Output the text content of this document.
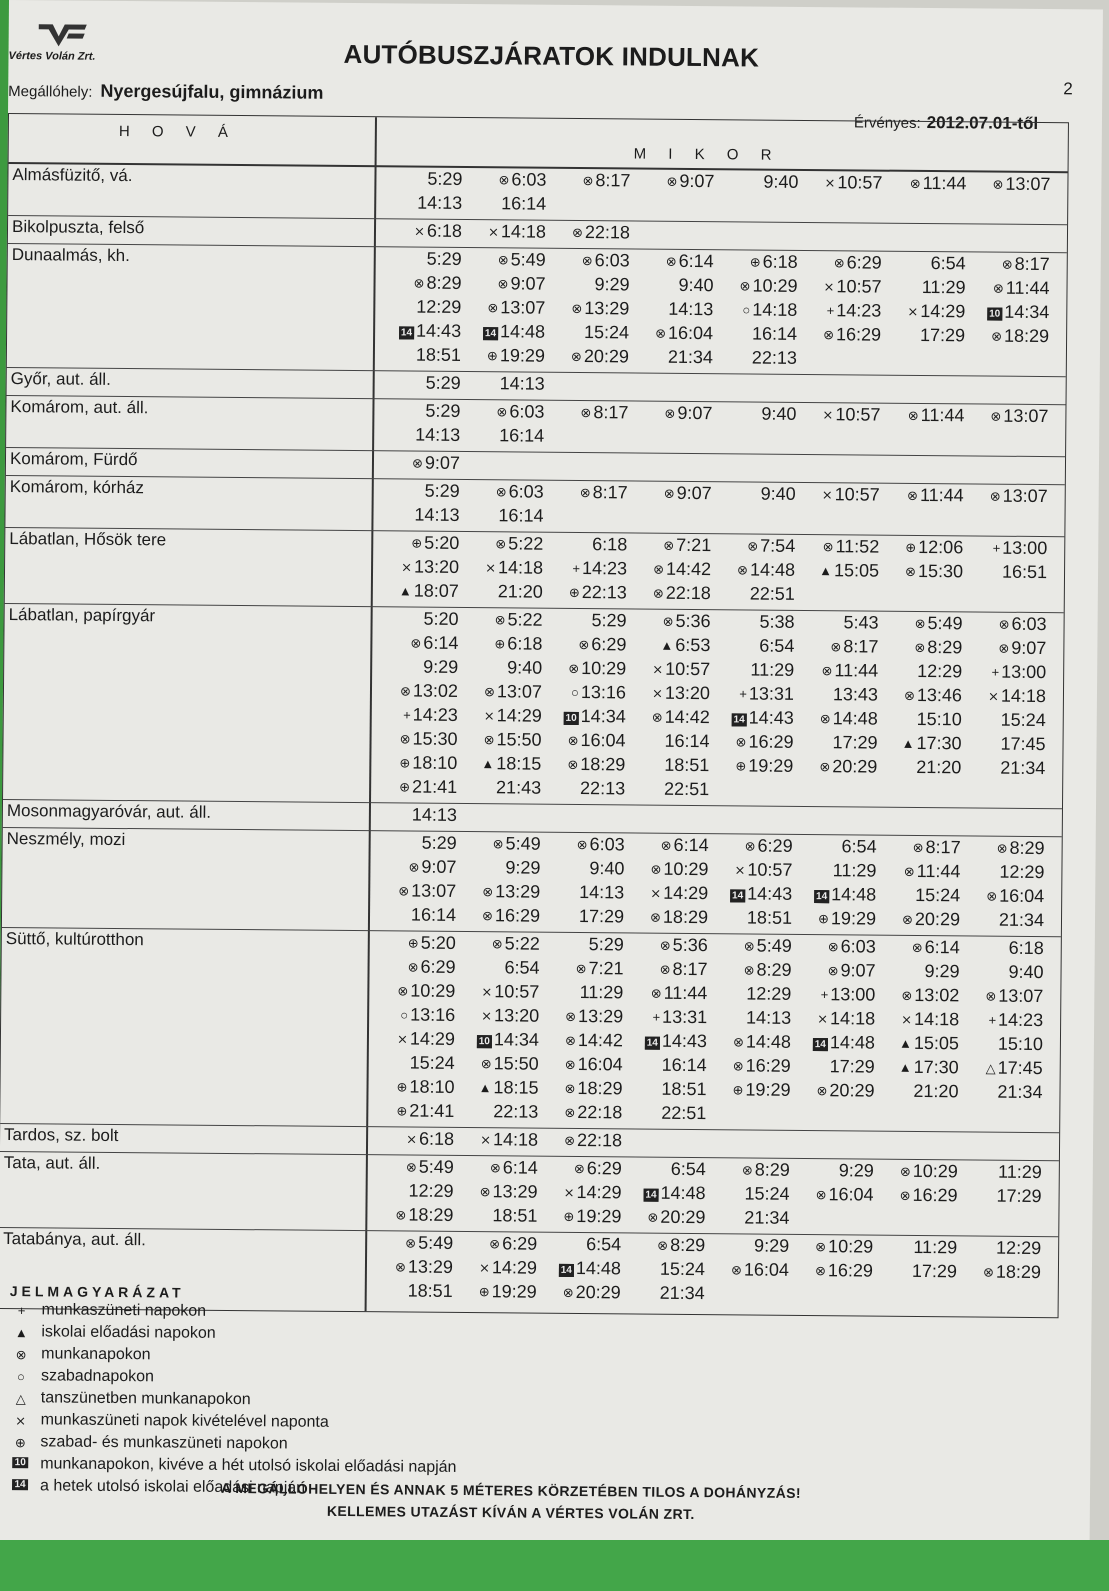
Vértes Volán Zrt.	AUTÓBUSZJÁRATOK INDULNAK
2
Megállóhely: Nyergesújfalu, gimnázium
Érvényes: 2012.07.01-től
H O V Á
M I K O R
Almásfüzitő, vá.	5:29	⊗ 6:03	⊗ 8:17	⊗ 9:07	9:40	⨯ 10:57	⊗ 11:44	⊗ 13:07
14:13	16:14
Bikolpuszta, felső	⨯ 6:18	⨯ 14:18	⊗ 22:18
Dunaalmás, kh.	5:29	⊗ 5:49	⊗ 6:03	⊗ 6:14	⊕ 6:18	⊗ 6:29	6:54	⊗ 8:17
⊗ 8:29	⊗ 9:07	9:29	9:40	⊗ 10:29	⨯ 10:57	11:29	⊗ 11:44
12:29	⊗ 13:07	⊗ 13:29	14:13	○ 14:18	+ 14:23	⨯ 14:29	10 14:34
14 14:43	14 14:48	15:24	⊗ 16:04	16:14	⊗ 16:29	17:29	⊗ 18:29
18:51	⊕ 19:29	⊗ 20:29	21:34	22:13
Győr, aut. áll.	5:29	14:13
Komárom, aut. áll.	5:29	⊗ 6:03	⊗ 8:17	⊗ 9:07	9:40	⨯ 10:57	⊗ 11:44	⊗ 13:07
14:13	16:14
Komárom, Fürdő	⊗ 9:07
Komárom, kórház	5:29	⊗ 6:03	⊗ 8:17	⊗ 9:07	9:40	⨯ 10:57	⊗ 11:44	⊗ 13:07
14:13	16:14
Lábatlan, Hősök tere	⊕ 5:20	⊗ 5:22	6:18	⊗ 7:21	⊗ 7:54	⊗ 11:52	⊕ 12:06	+ 13:00
⨯ 13:20	⨯ 14:18	+ 14:23	⊗ 14:42	⊗ 14:48	▲ 15:05	⊗ 15:30	16:51
▲ 18:07	21:20	⊕ 22:13	⊗ 22:18	22:51
Lábatlan, papírgyár	5:20	⊗ 5:22	5:29	⊗ 5:36	5:38	5:43	⊗ 5:49	⊗ 6:03
⊗ 6:14	⊕ 6:18	⊗ 6:29	▲ 6:53	6:54	⊗ 8:17	⊗ 8:29	⊗ 9:07
9:29	9:40	⊗ 10:29	⨯ 10:57	11:29	⊗ 11:44	12:29	+ 13:00
⊗ 13:02	⊗ 13:07	○ 13:16	⨯ 13:20	+ 13:31	13:43	⊗ 13:46	⨯ 14:18
+ 14:23	⨯ 14:29	10 14:34	⊗ 14:42	14 14:43	⊗ 14:48	15:10	15:24
⊗ 15:30	⊗ 15:50	⊗ 16:04	16:14	⊗ 16:29	17:29	▲ 17:30	17:45
⊕ 18:10	▲ 18:15	⊗ 18:29	18:51	⊕ 19:29	⊗ 20:29	21:20	21:34
⊕ 21:41	21:43	22:13	22:51
Mosonmagyaróvár, aut. áll.	14:13
Neszmély, mozi	5:29	⊗ 5:49	⊗ 6:03	⊗ 6:14	⊗ 6:29	6:54	⊗ 8:17	⊗ 8:29
⊗ 9:07	9:29	9:40	⊗ 10:29	⨯ 10:57	11:29	⊗ 11:44	12:29
⊗ 13:07	⊗ 13:29	14:13	⨯ 14:29	14 14:43	14 14:48	15:24	⊗ 16:04
16:14	⊗ 16:29	17:29	⊗ 18:29	18:51	⊕ 19:29	⊗ 20:29	21:34
Süttő, kultúrotthon	⊕ 5:20	⊗ 5:22	5:29	⊗ 5:36	⊗ 5:49	⊗ 6:03	⊗ 6:14	6:18
⊗ 6:29	6:54	⊗ 7:21	⊗ 8:17	⊗ 8:29	⊗ 9:07	9:29	9:40
⊗ 10:29	⨯ 10:57	11:29	⊗ 11:44	12:29	+ 13:00	⊗ 13:02	⊗ 13:07
○ 13:16	⨯ 13:20	⊗ 13:29	+ 13:31	14:13	⨯ 14:18	⨯ 14:18	+ 14:23
⨯ 14:29	10 14:34	⊗ 14:42	14 14:43	⊗ 14:48	14 14:48	▲ 15:05	15:10
15:24	⊗ 15:50	⊗ 16:04	16:14	⊗ 16:29	17:29	▲ 17:30	△ 17:45
⊕ 18:10	▲ 18:15	⊗ 18:29	18:51	⊕ 19:29	⊗ 20:29	21:20	21:34
⊕ 21:41	22:13	⊗ 22:18	22:51
Tardos, sz. bolt	⨯ 6:18	⨯ 14:18	⊗ 22:18
Tata, aut. áll.	⊗ 5:49	⊗ 6:14	⊗ 6:29	6:54	⊗ 8:29	9:29	⊗ 10:29	11:29
12:29	⊗ 13:29	⨯ 14:29	14 14:48	15:24	⊗ 16:04	⊗ 16:29	17:29
⊗ 18:29	18:51	⊕ 19:29	⊗ 20:29	21:34
Tatabánya, aut. áll.	⊗ 5:49	⊗ 6:29	6:54	⊗ 8:29	9:29	⊗ 10:29	11:29	12:29
⊗ 13:29	⨯ 14:29	14 14:48	15:24	⊗ 16:04	⊗ 16:29	17:29	⊗ 18:29
18:51	⊕ 19:29	⊗ 20:29	21:34
JELMAGYARÁZAT
+	munkaszüneti napokon
▲ iskolai előadási napokon
⊗ munkanapokon
○ szabadnapokon
△ tanszünetben munkanapokon
⨯ munkaszüneti napok kivételével naponta
⊕ szabad- és munkaszüneti napokon
10 munkanapokon, kivéve a hét utolsó iskolai előadási napján
14 a hetek utolsó iskolai előadási napján
A MEGÁLLÓHELYEN ÉS ANNAK 5 MÉTERES KÖRZETÉBEN TILOS A DOHÁNYZÁS!
KELLEMES UTAZÁST KÍVÁN A VÉRTES VOLÁN ZRT.
